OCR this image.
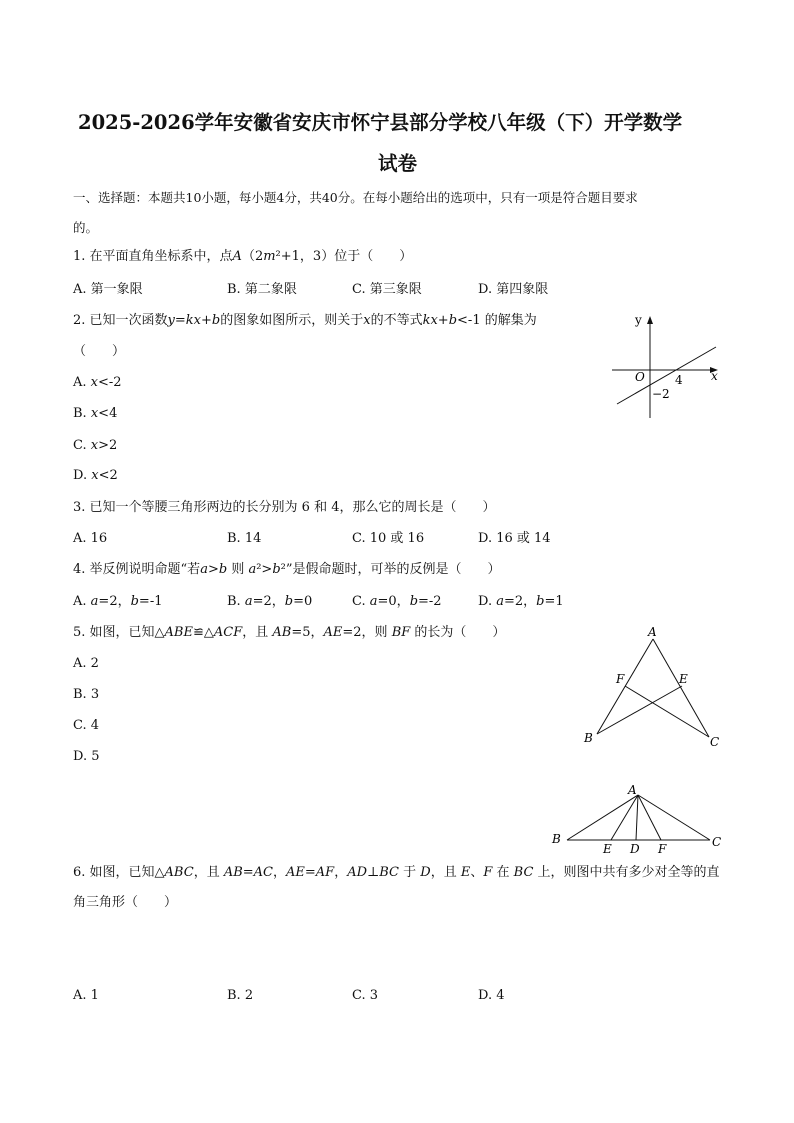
2025-2026学年安徽省安庆市怀宁县部分学校八年级（下）开学数学
试卷
一、选择题：本题共10小题，每小题4分，共40分。在每小题给出的选项中，只有一项是符合题目要求
的。
1. 在平面直角坐标系中，点A（2m²+1，3）位于（　　）
A. 第一象限	B. 第二象限	C. 第三象限	D. 第四象限
2. 已知一次函数y=kx+b的图象如图所示，则关于x的不等式kx+b<-1 的解集为
（　　）
A. x<-2
B. x<4
C. x>2
D. x<2
y
x
O	4
−2
3. 已知一个等腰三角形两边的长分别为 6 和 4，那么它的周长是（　　）
A. 16	B. 14	C. 10 或 16	D. 16 或 14
4. 举反例说明命题“若a>b 则 a²>b²”是假命题时，可举的反例是（　　）
A. a=2，b=-1	B. a=2，b=0	C. a=0，b=-2	D. a=2，b=1
5. 如图，已知△ABE≌△ACF，且 AB=5，AE=2，则 BF 的长为（　　）
A. 2
B. 3
C. 4
D. 5
A
F	E
B	C
A
B	C
E D F
6. 如图，已知△ABC，且 AB=AC，AE=AF，AD⊥BC 于 D，且 E、F 在 BC 上，则图中共有多少对全等的直
角三角形（　　）
A. 1	B. 2	C. 3	D. 4
